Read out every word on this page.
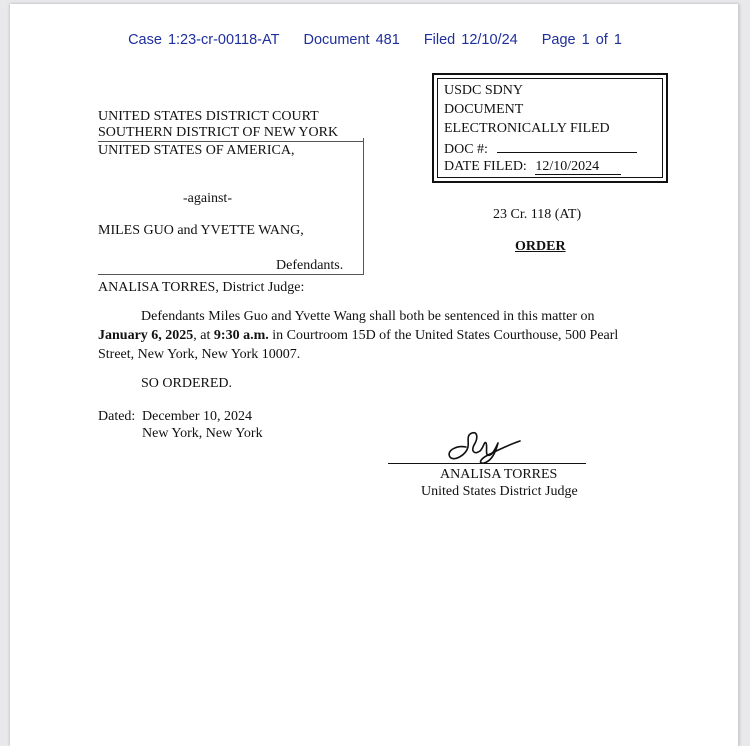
Case 1:23-cr-00118-AT Document 481 Filed 12/10/24 Page 1 of 1
USDC SDNY
DOCUMENT
ELECTRONICALLY FILED
DOC #:
DATE FILED: 12/10/2024
UNITED STATES DISTRICT COURT
SOUTHERN DISTRICT OF NEW YORK
UNITED STATES OF AMERICA,
-against-
MILES GUO and YVETTE WANG,
Defendants.
23 Cr. 118 (AT)
ORDER
ANALISA TORRES, District Judge:
Defendants Miles Guo and Yvette Wang shall both be sentenced in this matter on
January 6, 2025, at 9:30 a.m. in Courtroom 15D of the United States Courthouse, 500 Pearl
Street, New York, New York 10007.
SO ORDERED.
Dated: December 10, 2024
New York, New York
ANALISA TORRES
United States District Judge
